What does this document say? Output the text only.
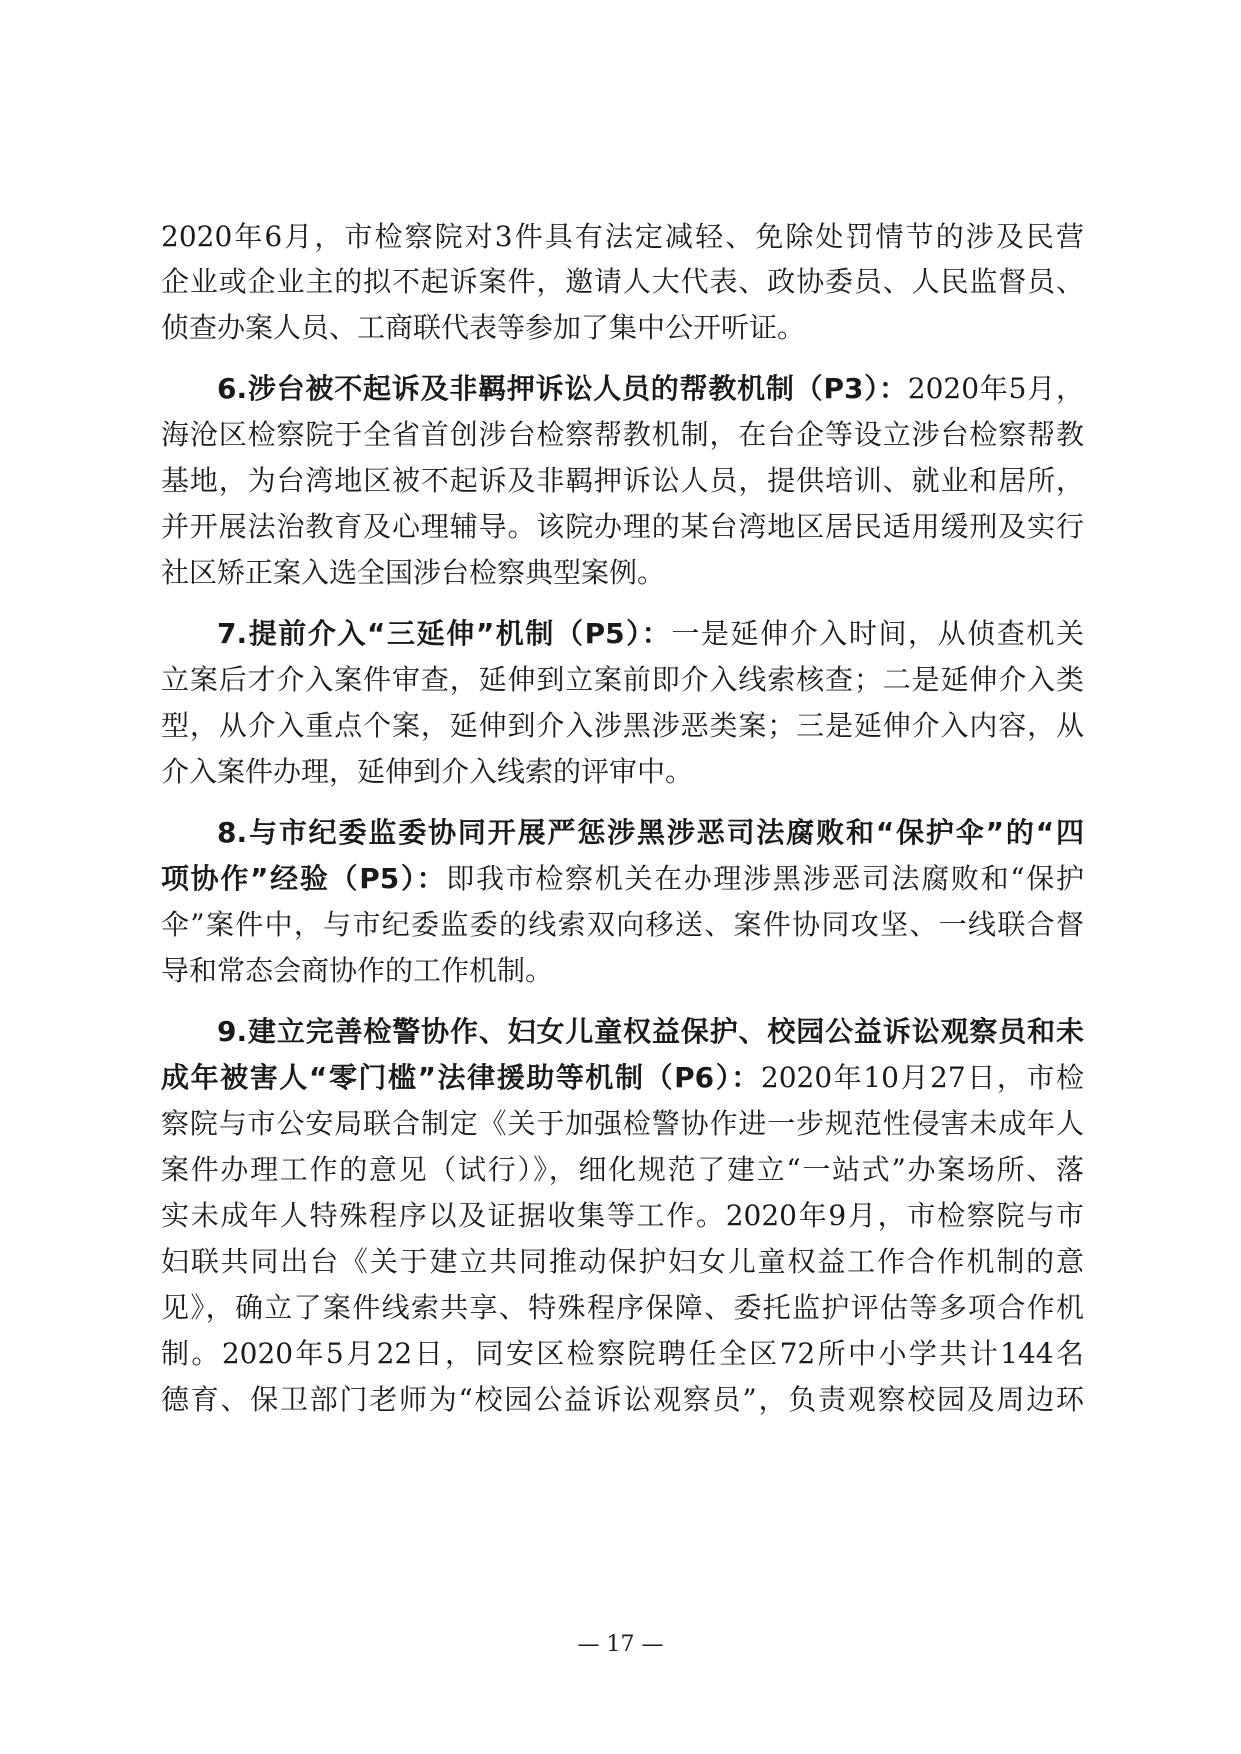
2020年6月，市检察院对3件具有法定减轻、免除处罚情节的涉及民营
企业或企业主的拟不起诉案件，邀请人大代表、政协委员、人民监督员、
侦查办案人员、工商联代表等参加了集中公开听证。
6.涉台被不起诉及非羁押诉讼人员的帮教机制（P3）：2020年5月，
海沧区检察院于全省首创涉台检察帮教机制，在台企等设立涉台检察帮教
基地，为台湾地区被不起诉及非羁押诉讼人员，提供培训、就业和居所，
并开展法治教育及心理辅导。该院办理的某台湾地区居民适用缓刑及实行
社区矫正案入选全国涉台检察典型案例。
7.提前介入“三延伸”机制（P5）：一是延伸介入时间，从侦查机关
立案后才介入案件审查，延伸到立案前即介入线索核查；二是延伸介入类
型，从介入重点个案，延伸到介入涉黑涉恶类案；三是延伸介入内容，从
介入案件办理，延伸到介入线索的评审中。
8.与市纪委监委协同开展严惩涉黑涉恶司法腐败和“保护伞”的“四
项协作”经验（P5）：即我市检察机关在办理涉黑涉恶司法腐败和“保护
伞”案件中，与市纪委监委的线索双向移送、案件协同攻坚、一线联合督
导和常态会商协作的工作机制。
9.建立完善检警协作、妇女儿童权益保护、校园公益诉讼观察员和未
成年被害人“零门槛”法律援助等机制（P6）：2020年10月27日，市检
察院与市公安局联合制定《关于加强检警协作进一步规范性侵害未成年人
案件办理工作的意见（试行）》，细化规范了建立“一站式”办案场所、落
实未成年人特殊程序以及证据收集等工作。2020年9月，市检察院与市
妇联共同出台《关于建立共同推动保护妇女儿童权益工作合作机制的意
见》，确立了案件线索共享、特殊程序保障、委托监护评估等多项合作机
制。2020年5月22日，同安区检察院聘任全区72所中小学共计144名
德育、保卫部门老师为“校园公益诉讼观察员”，负责观察校园及周边环
— 17 —
